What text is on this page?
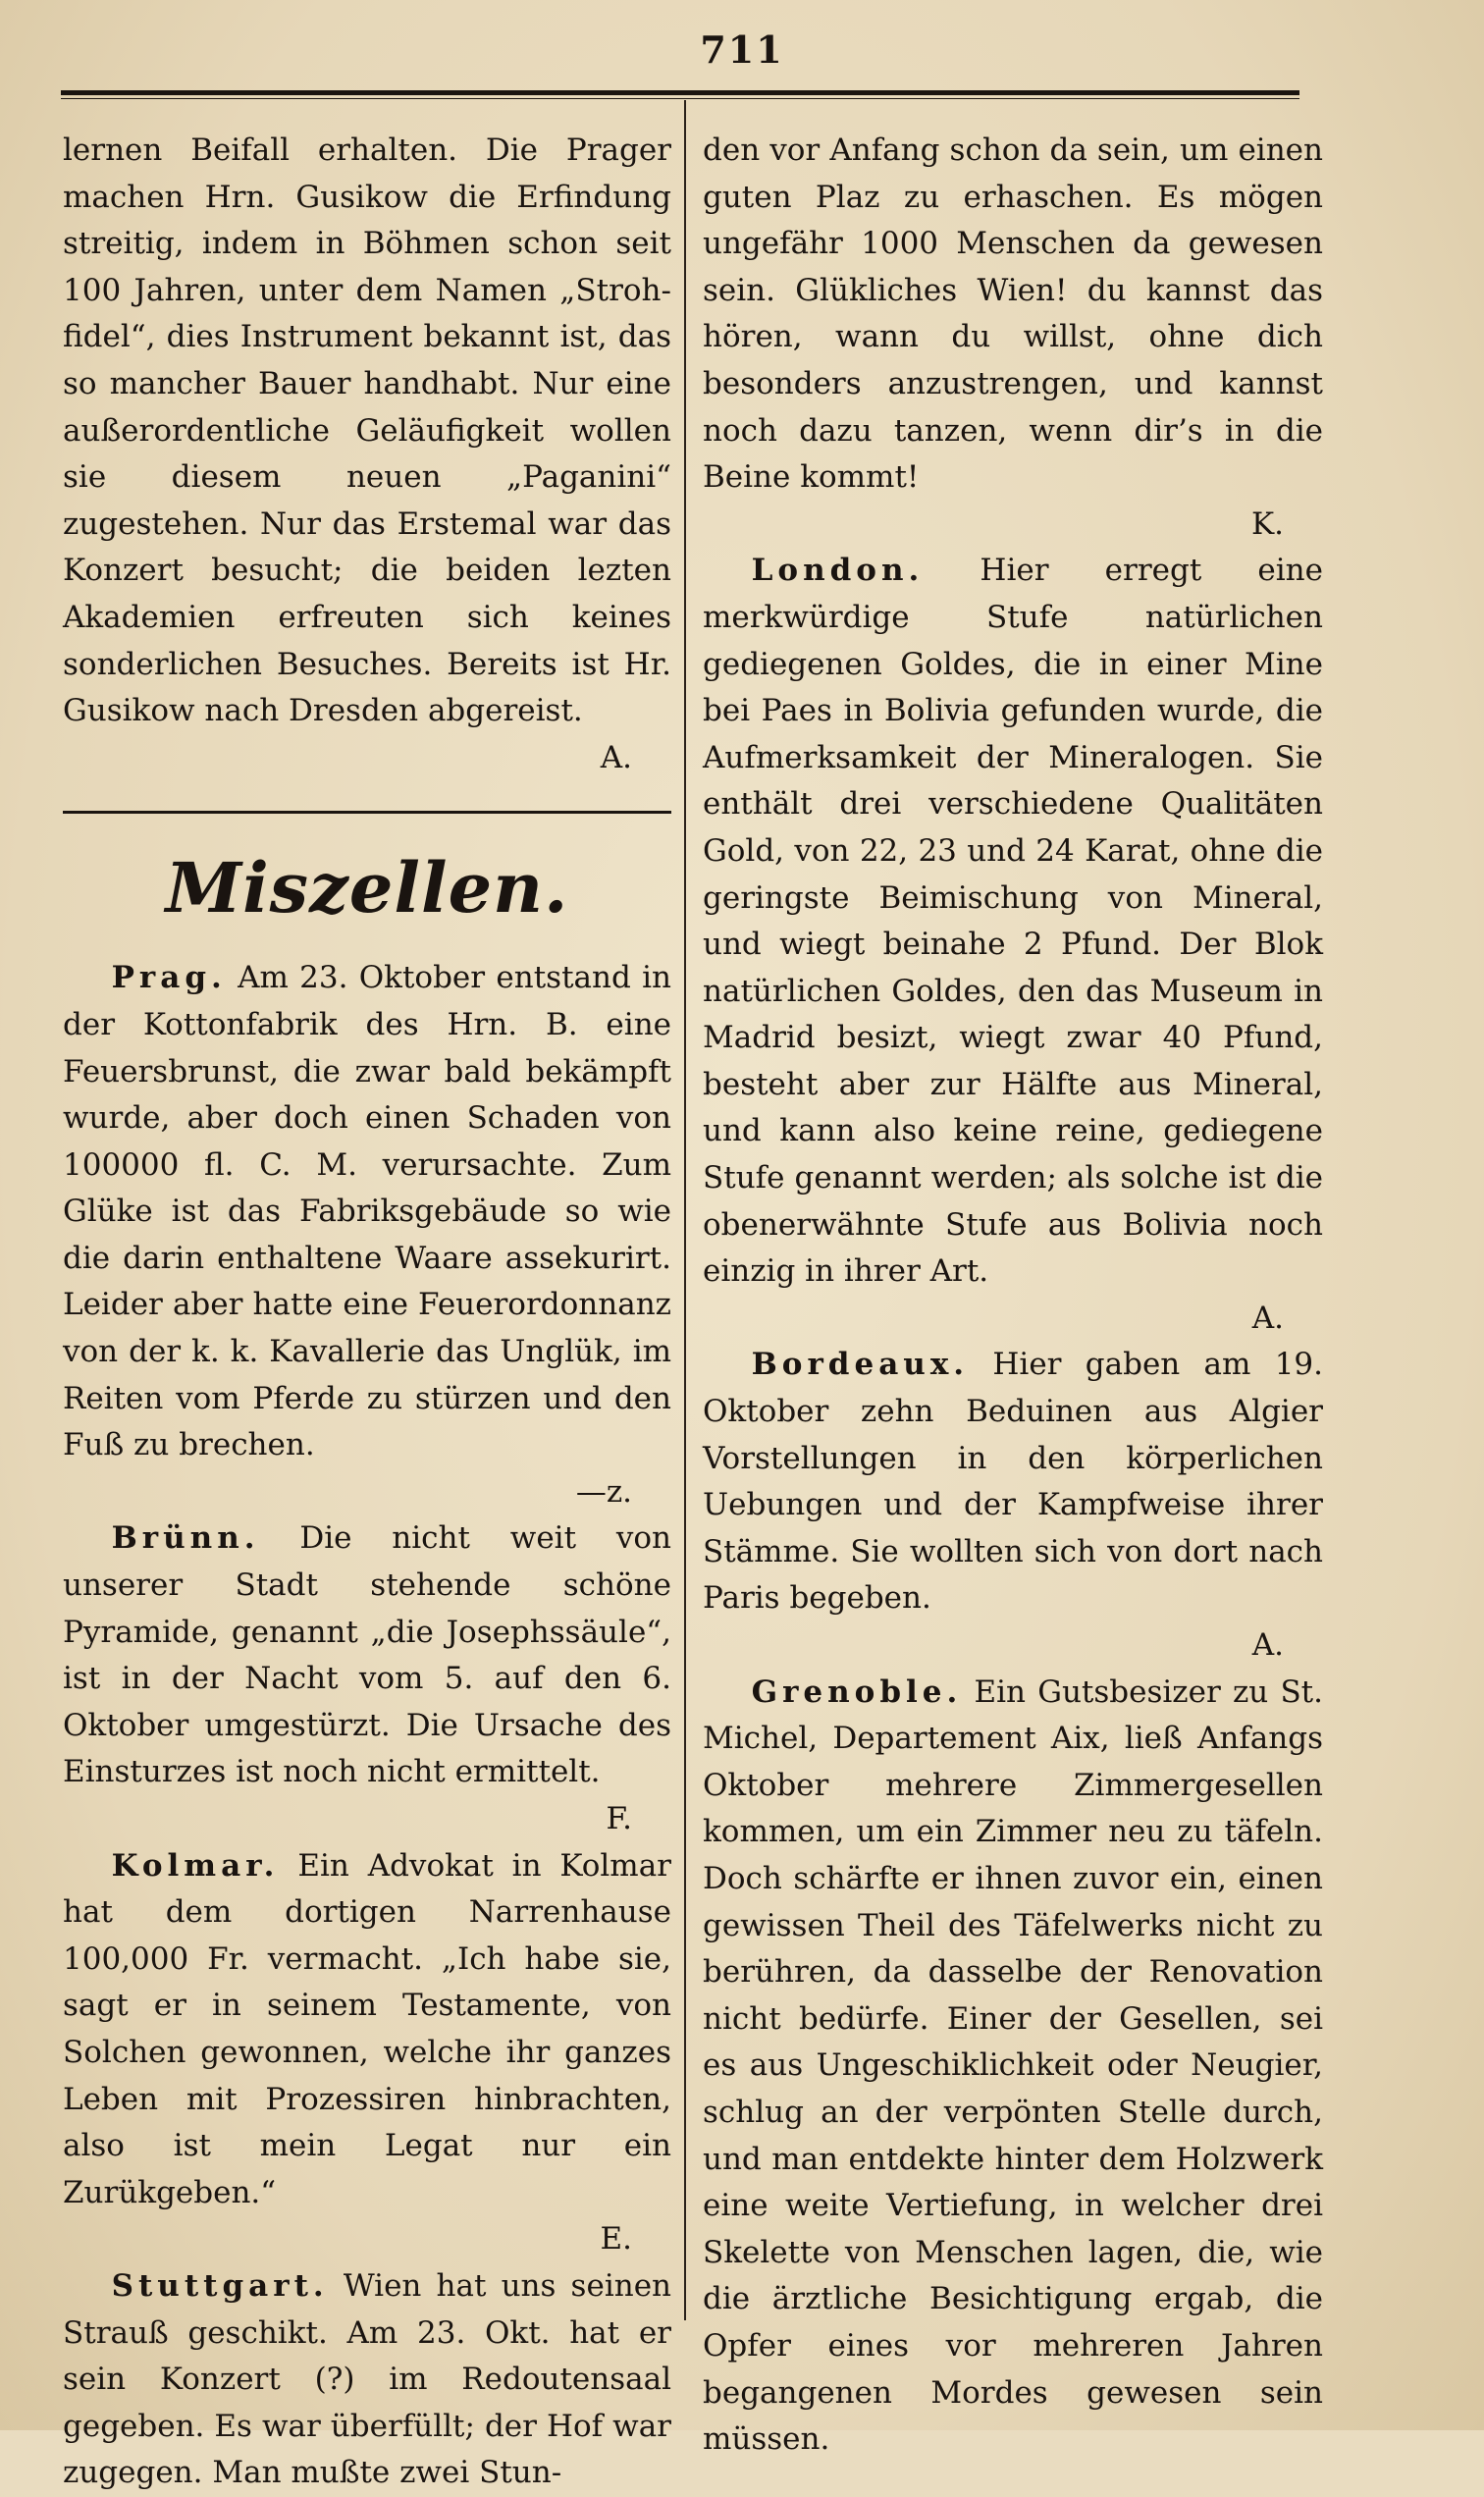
711

lernen Beifall erhalten. Die Prager machen Hrn. Gusikow die Erfindung streitig, indem in Böhmen schon seit 100 Jahren, unter dem Namen „Stroh-fidel“, dies Instrument bekannt ist, das so mancher Bauer handhabt. Nur eine außerordentliche Geläufigkeit wollen sie diesem neuen „Paganini“ zugestehen. Nur das Erstemal war das Konzert besucht; die beiden lezten Akademien erfreuten sich keines sonderlichen Besuches. Bereits ist Hr. Gusikow nach Dresden abgereist.
A.

Miszellen.

Prag. Am 23. Oktober entstand in der Kottonfabrik des Hrn. B. eine Feuersbrunst, die zwar bald bekämpft wurde, aber doch einen Schaden von 100000 fl. C. M. verursachte. Zum Glüke ist das Fabriksgebäude so wie die darin enthaltene Waare assekurirt. Leider aber hatte eine Feuerordonnanz von der k. k. Kavallerie das Unglük, im Reiten vom Pferde zu stürzen und den Fuß zu brechen.
—z.

Brünn. Die nicht weit von unserer Stadt stehende schöne Pyramide, genannt „die Josephssäule“, ist in der Nacht vom 5. auf den 6. Oktober umgestürzt. Die Ursache des Einsturzes ist noch nicht ermittelt.
F.

Kolmar. Ein Advokat in Kolmar hat dem dortigen Narrenhause 100,000 Fr. vermacht. „Ich habe sie, sagt er in seinem Testamente, von Solchen gewonnen, welche ihr ganzes Leben mit Prozessiren hinbrachten, also ist mein Legat nur ein Zurükgeben.“
E.

Stuttgart. Wien hat uns seinen Strauß geschikt. Am 23. Okt. hat er sein Konzert (?) im Redoutensaal gegeben. Es war überfüllt; der Hof war zugegen. Man mußte zwei Stun-

den vor Anfang schon da sein, um einen guten Plaz zu erhaschen. Es mögen ungefähr 1000 Menschen da gewesen sein. Glükliches Wien! du kannst das hören, wann du willst, ohne dich besonders anzustrengen, und kannst noch dazu tanzen, wenn dir’s in die Beine kommt!
K.

London. Hier erregt eine merkwürdige Stufe natürlichen gediegenen Goldes, die in einer Mine bei Paes in Bolivia gefunden wurde, die Aufmerksamkeit der Mineralogen. Sie enthält drei verschiedene Qualitäten Gold, von 22, 23 und 24 Karat, ohne die geringste Beimischung von Mineral, und wiegt beinahe 2 Pfund. Der Blok natürlichen Goldes, den das Museum in Madrid besizt, wiegt zwar 40 Pfund, besteht aber zur Hälfte aus Mineral, und kann also keine reine, gediegene Stufe genannt werden; als solche ist die obenerwähnte Stufe aus Bolivia noch einzig in ihrer Art.
A.

Bordeaux. Hier gaben am 19. Oktober zehn Beduinen aus Algier Vorstellungen in den körperlichen Uebungen und der Kampfweise ihrer Stämme. Sie wollten sich von dort nach Paris begeben.
A.

Grenoble. Ein Gutsbesizer zu St. Michel, Departement Aix, ließ Anfangs Oktober mehrere Zimmergesellen kommen, um ein Zimmer neu zu täfeln. Doch schärfte er ihnen zuvor ein, einen gewissen Theil des Täfelwerks nicht zu berühren, da dasselbe der Renovation nicht bedürfe. Einer der Gesellen, sei es aus Ungeschiklichkeit oder Neugier, schlug an der verpönten Stelle durch, und man entdekte hinter dem Holzwerk eine weite Vertiefung, in welcher drei Skelette von Menschen lagen, die, wie die ärztliche Besichtigung ergab, die Opfer eines vor mehreren Jahren begangenen Mordes gewesen sein müssen.
